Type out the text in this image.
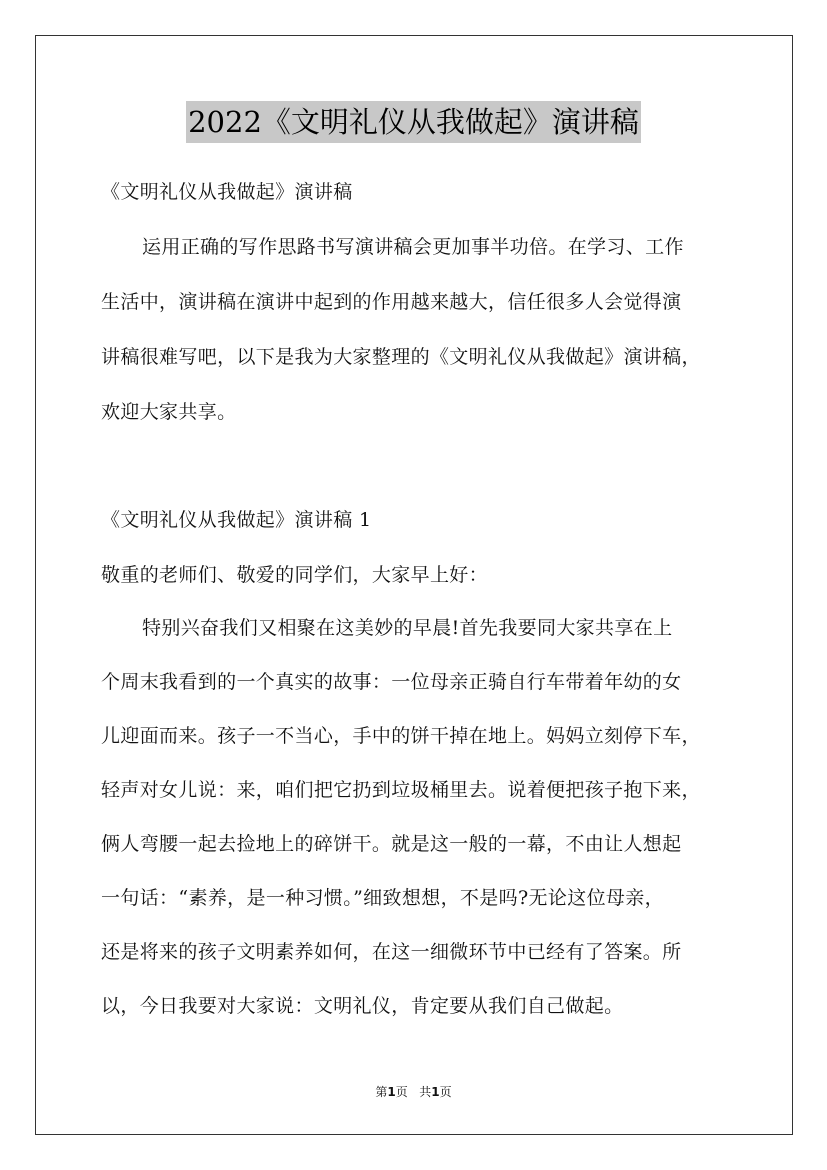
2022《文明礼仪从我做起》演讲稿
《文明礼仪从我做起》演讲稿
运用正确的写作思路书写演讲稿会更加事半功倍。在学习、工作
生活中，演讲稿在演讲中起到的作用越来越大，信任很多人会觉得演
讲稿很难写吧，以下是我为大家整理的《文明礼仪从我做起》演讲稿，
欢迎大家共享。
《文明礼仪从我做起》演讲稿 1
敬重的老师们、敬爱的同学们，大家早上好：
特别兴奋我们又相聚在这美妙的早晨!首先我要同大家共享在上
个周末我看到的一个真实的故事：一位母亲正骑自行车带着年幼的女
儿迎面而来。孩子一不当心，手中的饼干掉在地上。妈妈立刻停下车，
轻声对女儿说：来，咱们把它扔到垃圾桶里去。说着便把孩子抱下来，
俩人弯腰一起去捡地上的碎饼干。就是这一般的一幕，不由让人想起
一句话：“素养，是一种习惯。”细致想想，不是吗?无论这位母亲，
还是将来的孩子文明素养如何，在这一细微环节中已经有了答案。所
以，今日我要对大家说：文明礼仪，肯定要从我们自己做起。
第1页 共1页
